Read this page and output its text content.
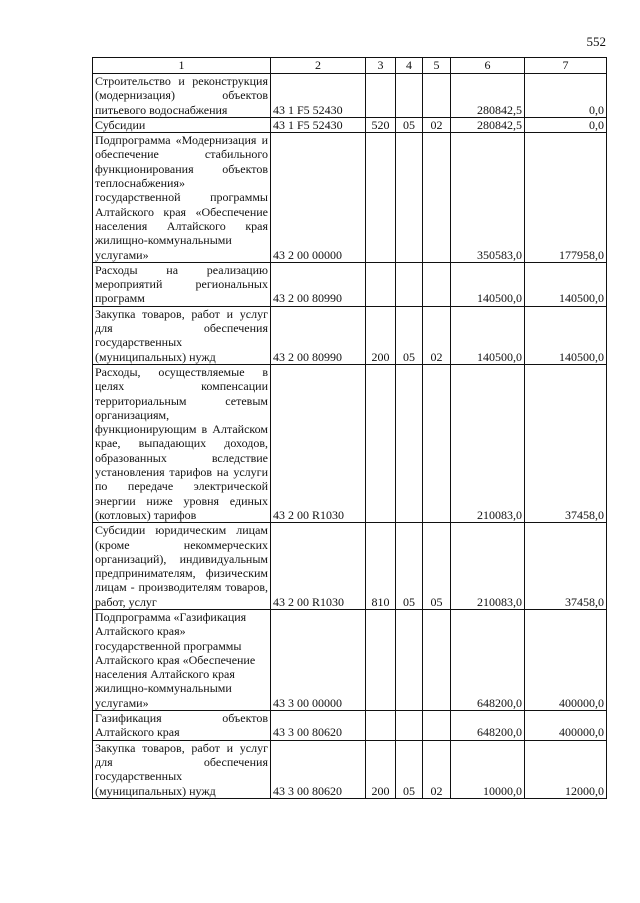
552
1	2	3	4	5	6	7
Строительство и реконструкция (модернизация) объектов питьевого водоснабжения	43 1 F5 52430				280842,5	0,0
Субсидии	43 1 F5 52430	520	05	02	280842,5	0,0
Подпрограмма «Модернизация и обеспечение стабильного функционирования объектов теплоснабжения» государственной программы Алтайского края «Обеспечение населения Алтайского края жилищно-коммунальными услугами»	43 2 00 00000				350583,0	177958,0
Расходы на реализацию мероприятий региональных программ	43 2 00 80990				140500,0	140500,0
Закупка товаров, работ и услуг для обеспечения государственных (муниципальных) нужд	43 2 00 80990	200	05	02	140500,0	140500,0
Расходы, осуществляемые в целях компенсации территориальным сетевым организациям, функционирующим в Алтайском крае, выпадающих доходов, образованных вследствие установления тарифов на услуги по передаче электрической энергии ниже уровня единых (котловых) тарифов	43 2 00 R1030				210083,0	37458,0
Субсидии юридическим лицам (кроме некоммерческих организаций), индивидуальным предпринимателям, физическим лицам - производителям товаров, работ, услуг	43 2 00 R1030	810	05	05	210083,0	37458,0
Подпрограмма «Газификация Алтайского края» государственной программы Алтайского края «Обеспечение населения Алтайского края жилищно-коммунальными услугами»	43 3 00 00000				648200,0	400000,0
Газификация объектов Алтайского края	43 3 00 80620				648200,0	400000,0
Закупка товаров, работ и услуг для обеспечения государственных (муниципальных) нужд	43 3 00 80620	200	05	02	10000,0	12000,0
